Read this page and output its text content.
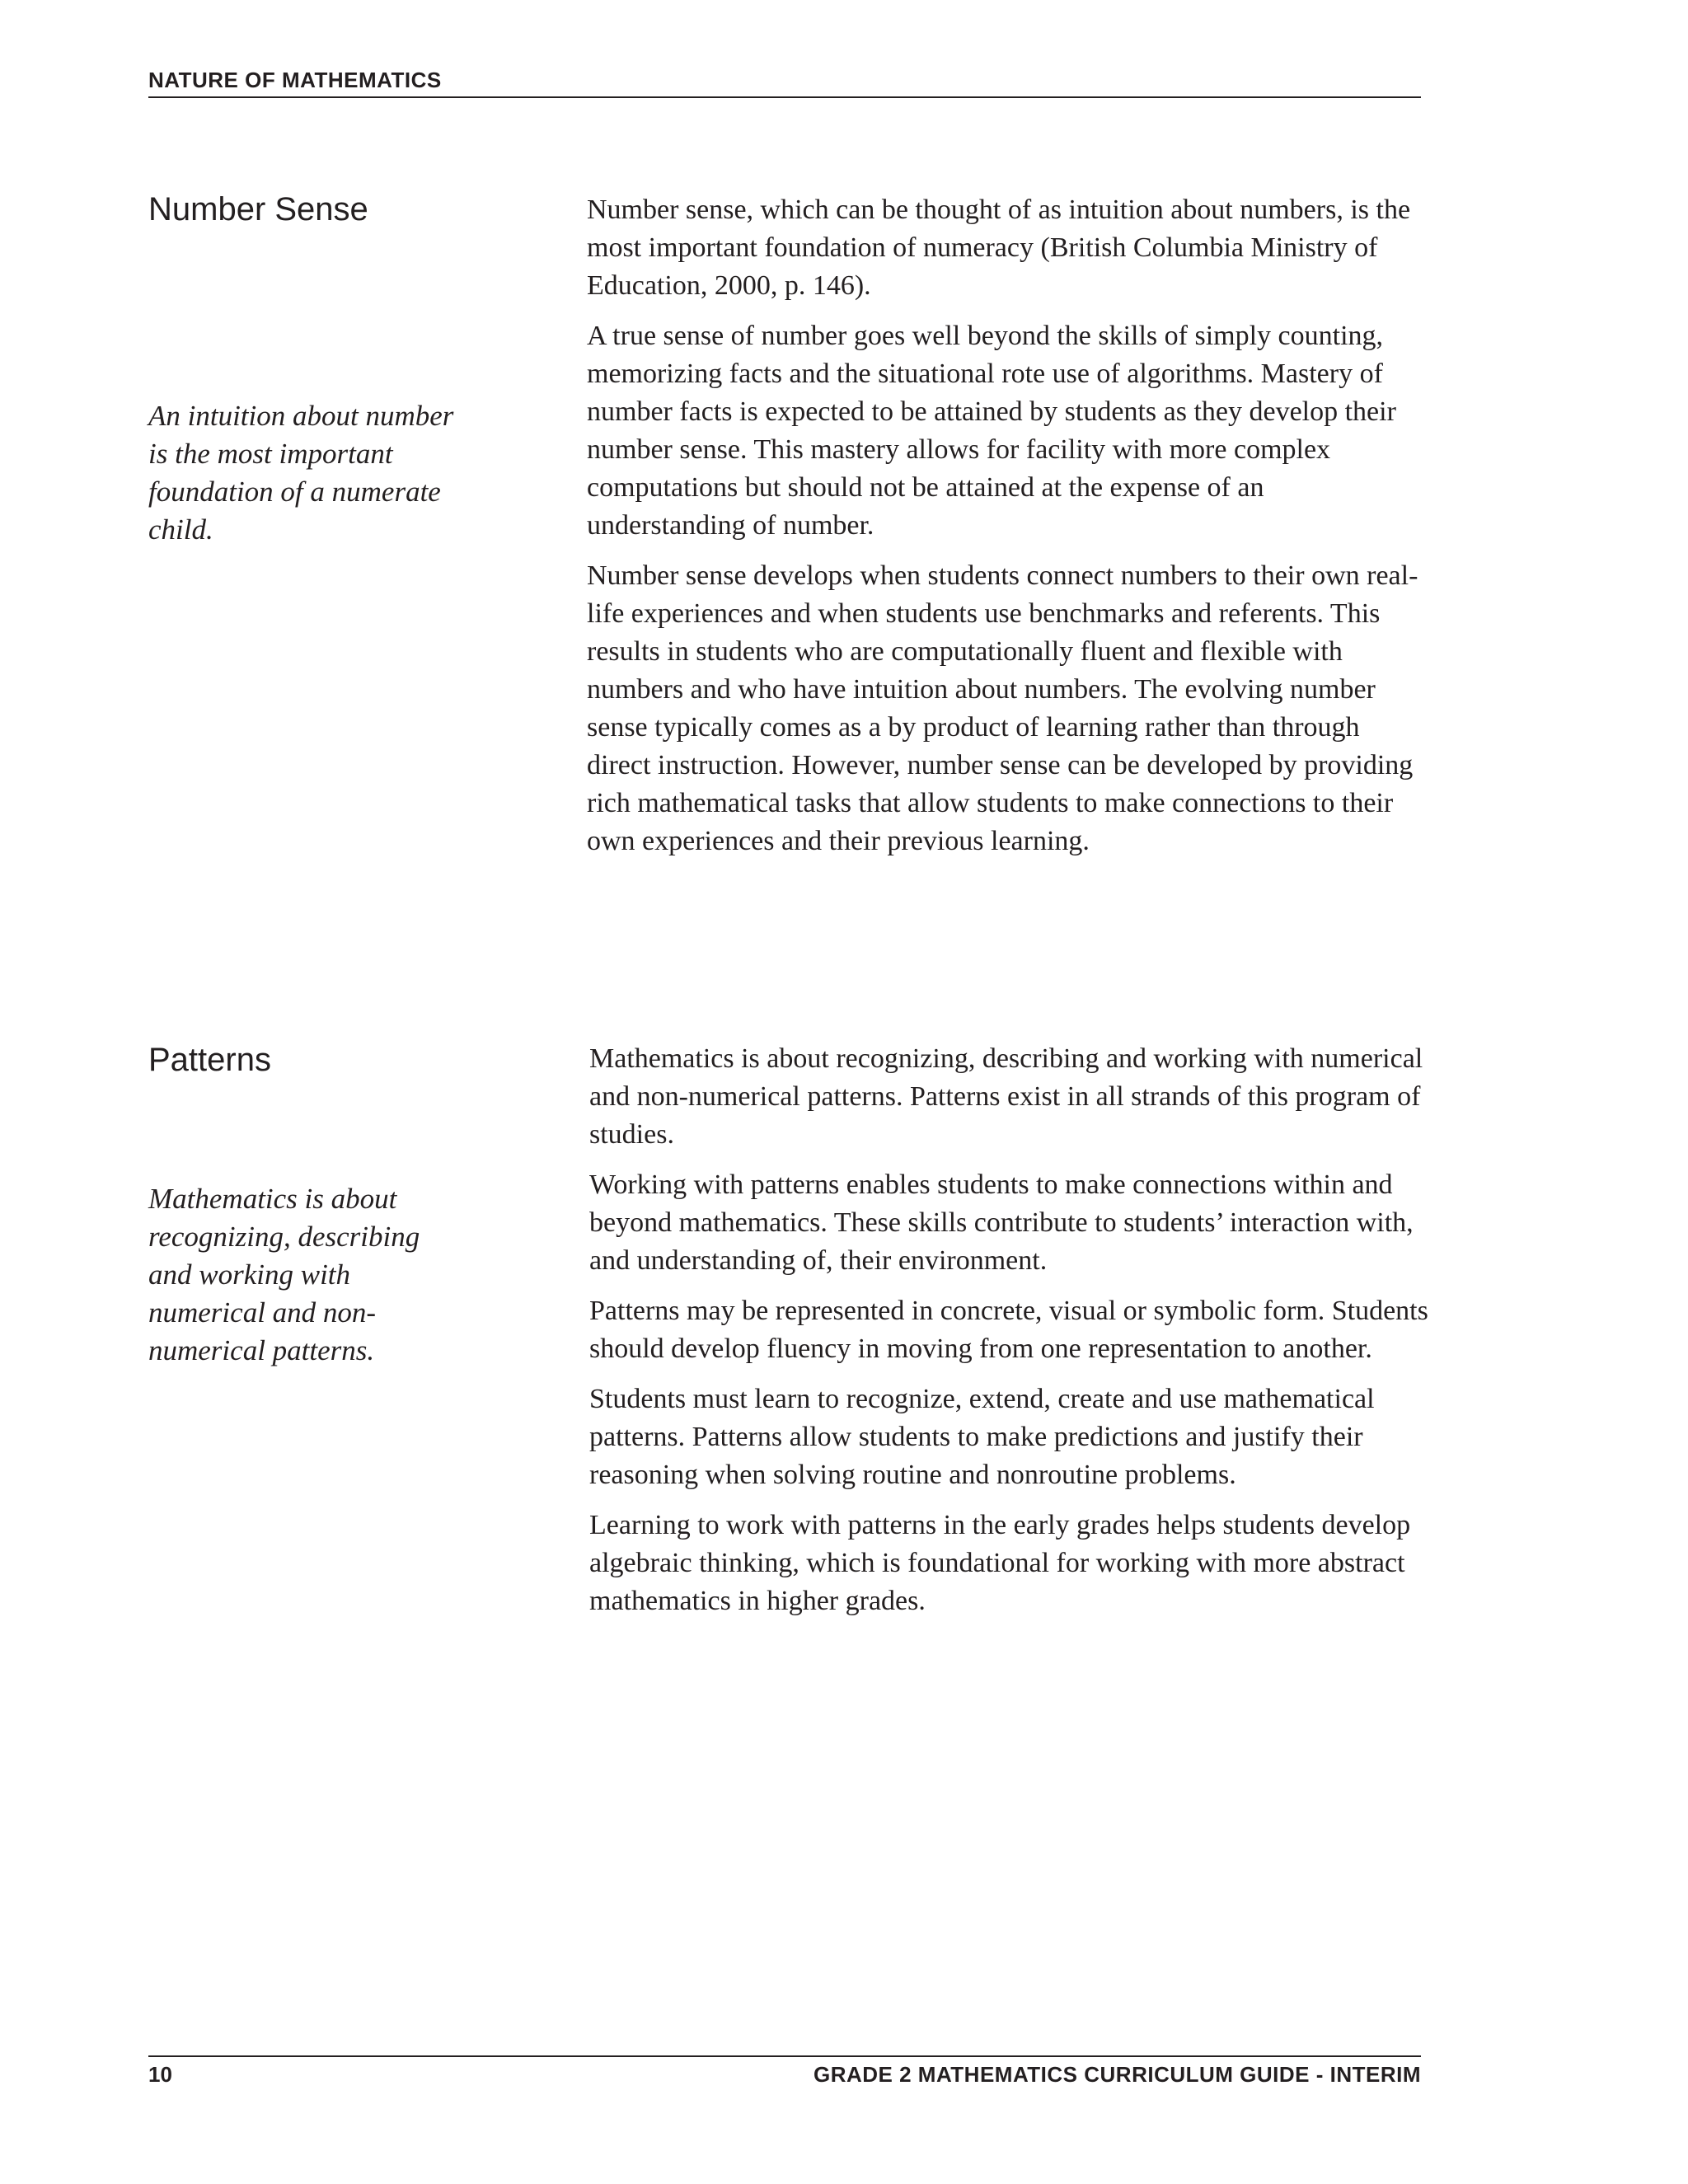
NATURE OF MATHEMATICS
Number Sense

An intuition about number is the most important foundation of a numerate child.

Number sense, which can be thought of as intuition about numbers, is the most important foundation of numeracy (British Columbia Ministry of Education, 2000, p. 146).

A true sense of number goes well beyond the skills of simply counting, memorizing facts and the situational rote use of algorithms. Mastery of number facts is expected to be attained by students as they develop their number sense. This mastery allows for facility with more complex computations but should not be attained at the expense of an understanding of number.

Number sense develops when students connect numbers to their own real-life experiences and when students use benchmarks and referents. This results in students who are computationally fluent and flexible with numbers and who have intuition about numbers. The evolving number sense typically comes as a by product of learning rather than through direct instruction. However, number sense can be developed by providing rich mathematical tasks that allow students to make connections to their own experiences and their previous learning.

Patterns

Mathematics is about recognizing, describing and working with numerical and non-numerical patterns.

Mathematics is about recognizing, describing and working with numerical and non-numerical patterns. Patterns exist in all strands of this program of studies.

Working with patterns enables students to make connections within and beyond mathematics. These skills contribute to students’ interaction with, and understanding of, their environment.

Patterns may be represented in concrete, visual or symbolic form. Students should develop fluency in moving from one representation to another.

Students must learn to recognize, extend, create and use mathematical patterns. Patterns allow students to make predictions and justify their reasoning when solving routine and nonroutine problems.

Learning to work with patterns in the early grades helps students develop algebraic thinking, which is foundational for working with more abstract mathematics in higher grades.

10	GRADE 2 MATHEMATICS CURRICULUM GUIDE - INTERIM
